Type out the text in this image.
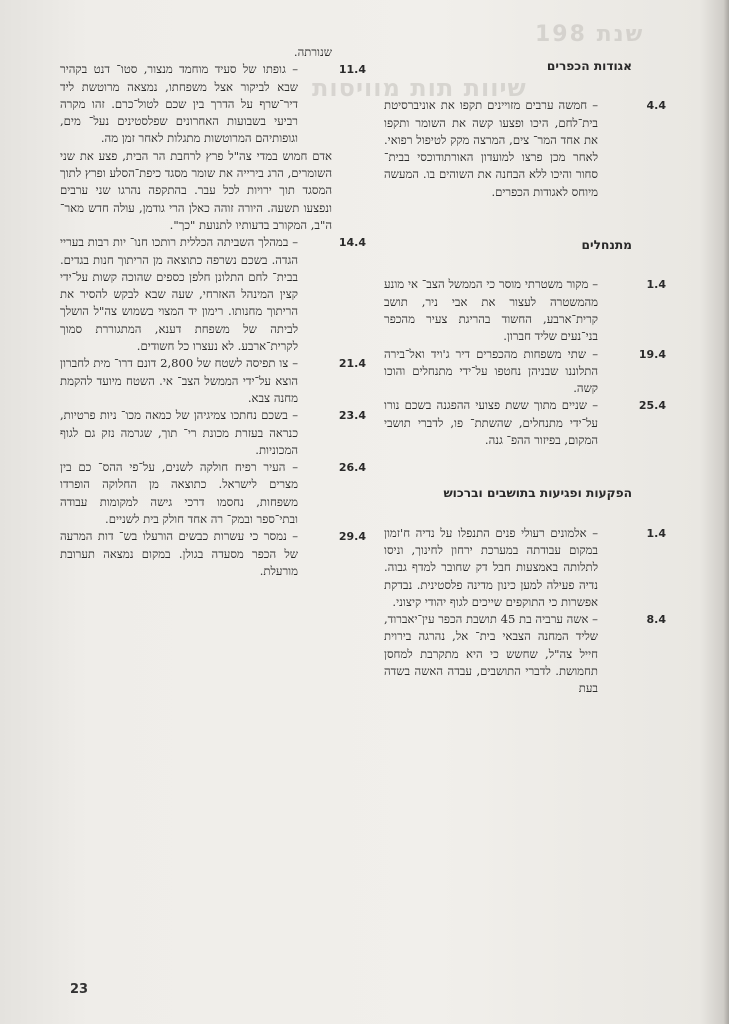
שנת 198
שיוות תות מוויסות
אגודות הכפרים

4.4– חמשה ערבים מזויינים תקפו את אוניברסיטת בית־לחם, היכו ופצעו קשה את השומר ותקפו את אחד המר־ צים, המרצה מקק לטיפול רפואי. לאחר מכן פרצו למועדון האורתודוכסי בבית־ סחור והיכו ללא הבחנה את השוהים בו. המעשה מיוחס לאגודות הכפרים.

מתנחלים

1.4– מקור משטרתי מוסר כי הממשל הצב־ אי מונע מהמשטרה לעצור את אבי ניר, תושב קרית־ארבע, החשוד בהריגת צעיר מהכפר בני־נעים שליד חברון.

19.4– שתי משפחות מהכפרים דיר ג'ויד ואל־בירה התלוננו שבניהן נחטפו על־ידי מתנחלים והוכו קשה.

25.4– שניים מתוך ששת פצועי ההפגנה בשכם נורו על־ידי מתנחלים, שהשתת־ פו, לדברי תושבי המקום, בפיזור ההפ־ גנה.

הפקעות ופגיעות בתושבים וברכוש

1.4– אלמונים רעולי פנים התנפלו על נדיה ח'זמון במקום עבודתה במערכת ירחון לחינוך, וניסו לתלותה באמצעות חבל דק שחובר למדף גבוה. נדיה פעילה למען כינון מדינה פלסטינית. נבדקת אפשרות כי התוקפים שייכים לגוף יהודי קיצוני.

8.4– אשה ערביה בת 45 תושבת הכפר עין־יאברוד, שליד המחנה הצבאי בית־ אל, נהרגה בירוית חייל צה"ל, שחשש כי היא מתקרבת למחסן תחמושת. לדברי התושבים, עבדה האשה בשדה בעת

שנורתה.

11.4– גופתו של סעיד מוחמד מנצור, סטו־ דנט בקהיר שבא לביקור אצל משפחתו, נמצאה מרוטשת ליד דיר־שרף על הדרך בין שכם לטול־כרם. זהו מקרה רביעי בשבועות האחרונים שפלסטינים נעל־ מים, וגופותיהם המרוטשות מתגלות לאחר זמן מה.

אדם חמוש במדי צה"ל פרץ לרחבת הר הבית, פצע את שני השומרים, הרג בירייה את שומר מסגד כיפת־הסלע ופרץ לתוך המסגד תוך ירויות לכל עבר. בהתקפה נהרגו שני ערבים ונפצעו תשעה. היורה זוהה כאלן הרי גודמן, עולה חדש מאר־ ה"ב, המקורב בדעותיו לתנועת "כך".

14.4– במהלך השביתה הכללית רותכו חנו־ יות רבות בעריי הגדה. בשכם נשרפה כתוצאה מן הריתוך חנות בגדים. בבית־ לחם התלונן חלפן כספים שהוכה קשות על־ידי קצין המינהל האזרחי, שעה שבא לבקש להסיר את הריתוך מחנותו. רימון יד המצוי בשמוש צה"ל הושלך לביתה של משפחת דענא, המתגוררת סמוך לקרית־ארבע. לא נעצרו כל חשודים.

21.4– צו תפיסה לשטח של 2,800 דונם דרו־ מית לחברון הוצא על־ידי הממשל הצב־ אי. השטח מיועד להקמת מחנה צבא.

23.4– בשכם נחתכו צמיגיהן של כמאה מכו־ ניות פרטיות, כנראה בעזרת מכונת רי־ תוך, שגרמה נזק גם לגוף המכוניות.

26.4– העיר רפיח חולקה לשנים, על־פי ההס־ כם בין מצרים לישראל. כתוצאה מן החלוקה הופרדו משפחות, נחסמו דרכי גישה למקומות עבודה ובתי־ספר ובמק־ רה אחד חולק בית לשניים.

29.4– נמסר כי עשרות כבשים הורעלו בש־ דות המרעה של הכפר מסעדה בגולן. במקום נמצאה תערובת מורעלת.

23
